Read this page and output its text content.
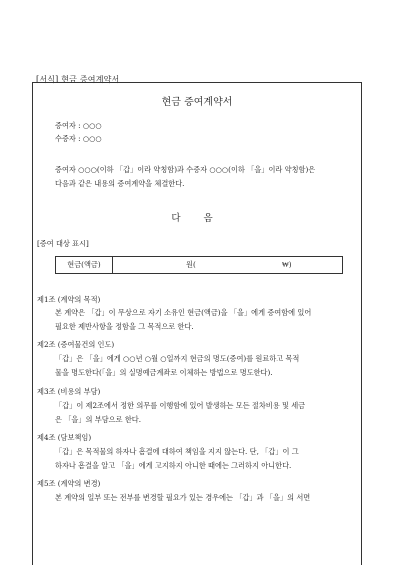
[서식] 현금 증여계약서
현금 증여계약서
증여자 : ○○○
수증자 : ○○○
증여자 ○○○(이하 「갑」이라 약칭함)과 수증자 ○○○(이하 「을」이라 약칭함)은
다음과 같은 내용의 증여계약을 체결한다.
다 음
[증여 대상 표시]
현금(액금)	원(	₩)
제1조 (계약의 목적)
본 계약은 「갑」이 무상으로 자기 소유인 현금(액금)을 「을」에게 증여함에 있어
필요한 제반사항을 정함을 그 목적으로 한다.
제2조 (증여물건의 인도)
「갑」은 「을」에게 ○○년 ○월 ○일까지 현금의 명도(증여)를 원료하고 목적
물을 명도한다(「을」의 실명예금계좌로 이체하는 방법으로 명도한다).
제3조 (비용의 부담)
「갑」이 제2조에서 정한 의무를 이행함에 있어 발생하는 모든 절차비용 및 세금
은 「을」의 부담으로 한다.
제4조 (담보책임)
「갑」은 목적물의 하자나 흠결에 대하여 책임을 지지 않는다. 단, 「갑」이 그
하자나 흠결을 알고 「을」에게 고지하지 아니한 때에는 그러하지 아니한다.
제5조 (계약의 변경)
본 계약의 일부 또는 전부를 변경할 필요가 있는 경우에는 「갑」과 「을」의 서면
